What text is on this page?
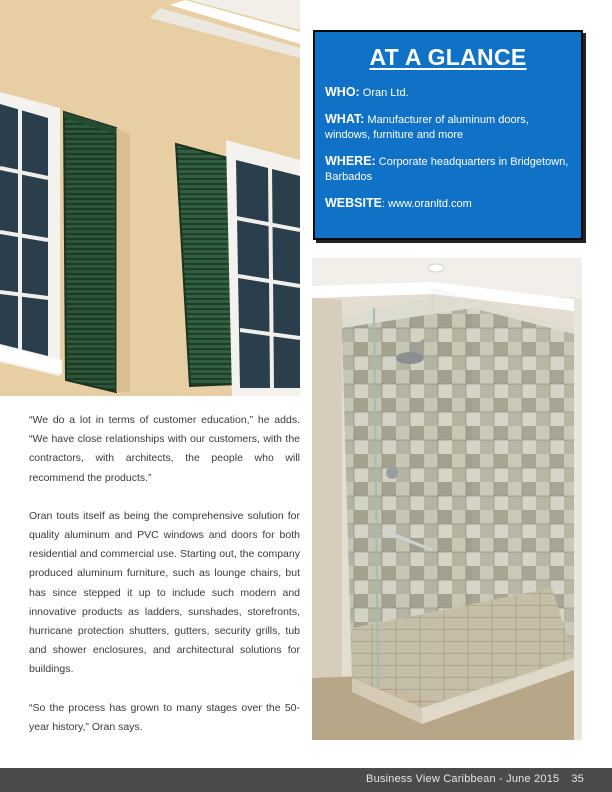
AT A GLANCE
WHO: Oran Ltd.
WHAT: Manufacturer of aluminum doors, windows, furniture and more
WHERE: Corporate headquarters in Bridgetown, Barbados
WEBSITE: www.oranltd.com

“We do a lot in terms of customer education,” he adds. “We have close relationships with our customers, with the contractors, with architects, the people who will recommend the products.”

Oran touts itself as being the comprehensive solution for quality aluminum and PVC windows and doors for both residential and commercial use. Starting out, the company produced aluminum furniture, such as lounge chairs, but has since stepped it up to include such modern and innovative products as ladders, sunshades, storefronts, hurricane protection shutters, gutters, security grills, tub and shower enclosures, and architectural solutions for buildings.

“So the process has grown to many stages over the 50-year history,” Oran says.

Business View Caribbean - June 2015 35
